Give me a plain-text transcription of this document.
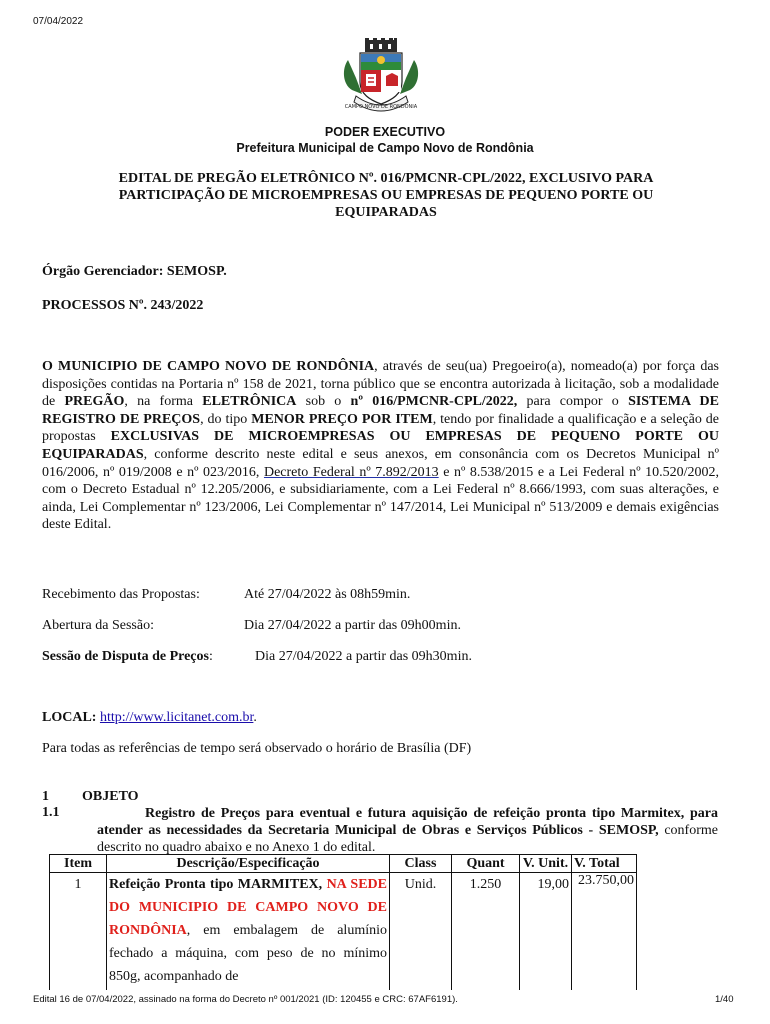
07/04/2022
CAMPO NOVO DE RONDÔNIA
PODER EXECUTIVO
Prefeitura Municipal de Campo Novo de Rondônia
EDITAL DE PREGÃO ELETRÔNICO Nº. 016/PMCNR-CPL/2022, EXCLUSIVO PARA
PARTICIPAÇÃO DE MICROEMPRESAS OU EMPRESAS DE PEQUENO PORTE OU
EQUIPARADAS
Órgão Gerenciador: SEMOSP.
PROCESSOS Nº. 243/2022
O MUNICIPIO DE CAMPO NOVO DE RONDÔNIA, através de seu(ua) Pregoeiro(a), nomeado(a) por força das disposições contidas na Portaria nº 158 de 2021, torna público que se encontra autorizada à licitação, sob a modalidade de PREGÃO, na forma ELETRÔNICA sob o nº 016/PMCNR-CPL/2022, para compor o SISTEMA DE REGISTRO DE PREÇOS, do tipo MENOR PREÇO POR ITEM, tendo por finalidade a qualificação e a seleção de propostas EXCLUSIVAS DE MICROEMPRESAS OU EMPRESAS DE PEQUENO PORTE OU EQUIPARADAS, conforme descrito neste edital e seus anexos, em consonância com os Decretos Municipal nº 016/2006, nº 019/2008 e nº 023/2016, Decreto Federal nº 7.892/2013 e nº 8.538/2015 e a Lei Federal nº 10.520/2002, com o Decreto Estadual nº 12.205/2006, e subsidiariamente, com a Lei Federal nº 8.666/1993, com suas alterações, e ainda, Lei Complementar nº 123/2006, Lei Complementar nº 147/2014, Lei Municipal nº 513/2009 e demais exigências deste Edital.
Recebimento das Propostas:	Até 27/04/2022 às 08h59min.
Abertura da Sessão:	Dia 27/04/2022 a partir das 09h00min.
Sessão de Disputa de Preços:	Dia 27/04/2022 a partir das 09h30min.
LOCAL: http://www.licitanet.com.br.
Para todas as referências de tempo será observado o horário de Brasília (DF)
1 OBJETO
1.1	Registro de Preços para eventual e futura aquisição de refeição pronta tipo Marmitex, para atender as necessidades da Secretaria Municipal de Obras e Serviços Públicos - SEMOSP, conforme descrito no quadro abaixo e no Anexo 1 do edital.
Item	Descrição/Especificação	Class	Quant	V. Unit.	V. Total
1	Refeição Pronta tipo MARMITEX, NA SEDE DO MUNICIPIO DE CAMPO NOVO DE RONDÔNIA, em embalagem de alumínio fechado a máquina, com peso de no mínimo 850g, acompanhado de	Unid.	1.250	19,00	23.750,00
Edital 16 de 07/04/2022, assinado na forma do Decreto nº 001/2021 (ID: 120455 e CRC: 67AF6191).	1/40
